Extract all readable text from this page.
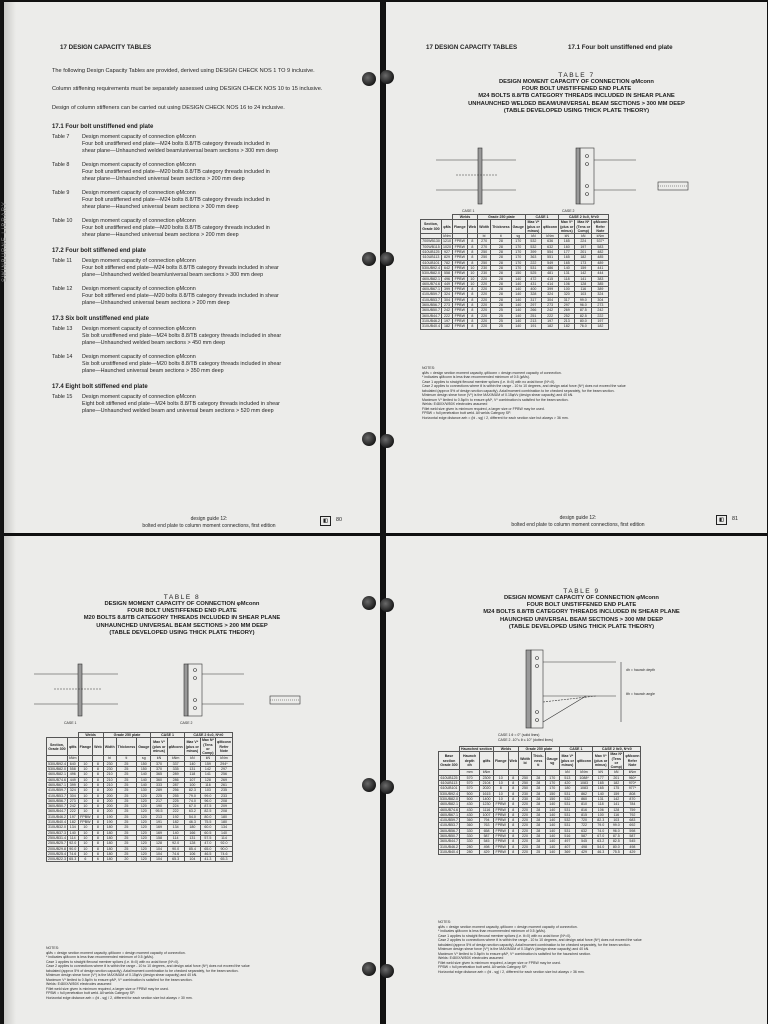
SWINBURNE LIBRARY
17 DESIGN CAPACITY TABLES
The following Design Capacity Tables are provided, derived using DESIGN CHECK NOS 1 TO 9 inclusive.
Column stiffening requirements must be separately assessed using DESIGN CHECK NOS 10 to 15 inclusive.
Design of column stiffeners can be carried out using DESIGN CHECK NOS 16 to 24 inclusive.
17.1 Four bolt unstiffened end plate
Table 7 Design moment capacity of connection φMconn
Four bolt unstiffened end plate—M24 bolts 8.8/TB category threads included in
shear plane—Unhaunched welded beam/universal beam sections > 300 mm deep
Table 8 Design moment capacity of connection φMconn
Four bolt unstiffened end plate—M20 bolts 8.8/TB category threads included in
shear plane—Unhaunched universal beam sections > 200 mm deep
Table 9 Design moment capacity of connection φMconn
Four bolt unstiffened end plate—M24 bolts 8.8/TB category threads included in
shear plane—Haunched universal beam sections > 300 mm deep
Table 10 Design moment capacity of connection φMconn
Four bolt unstiffened end plate—M20 bolts 8.8/TB category threads included in
shear plane—Haunched universal beam sections > 200 mm deep
17.2 Four bolt stiffened end plate
Table 11 Design moment capacity of connection φMconn
Four bolt stiffened end plate—M24 bolts 8.8/TB category threads included in shear
plane—Unhaunched welded beam/universal beam sections > 300 mm deep
Table 12 Design moment capacity of connection φMconn
Four bolt stiffened end plate—M20 bolts 8.8/TB category threads included in shear
plane—Unhaunched universal beam sections > 200 mm deep
17.3 Six bolt unstiffened end plate
Table 13 Design moment capacity of connection φMconn
Six bolt unstiffened end plate—M24 bolts 8.8/TB category threads included in shear
plane—Unhaunched welded beam sections > 450 mm deep
Table 14 Design moment capacity of connection φMconn
Six bolt unstiffened end plate—M20 bolts 8.8/TB category threads included in shear
plane—Haunched universal beam sections > 350 mm deep
17.4 Eight bolt stiffened end plate
Table 15 Design moment capacity of connection φMconn
Eight bolt stiffened end plate—M24 bolts 8.8/TB category threads included in shear
plane—Unhaunched welded beam and universal beam sections > 520 mm deep
design guide 12:
bolted end plate to column moment connections, first edition
◧	80
17 DESIGN CAPACITY TABLES	17.1 Four bolt unstiffened end plate
TABLE 7
DESIGN MOMENT CAPACITY OF CONNECTION φMconn
FOUR BOLT UNSTIFFENED END PLATE
M24 BOLTS 8.8/TB CATEGORY THREADS INCLUDED IN SHEAR PLANE
UNHAUNCHED WELDED BEAM/UNIVERSAL BEAM SECTIONS > 300 MM DEEP
(TABLE DEVELOPED USING THICK PLATE THEORY)
CASE 1	CASE 2
		Welds		Grade 250 plate			CASE 1		CASE 2 θ=0, N*≠0		
Section,
Grade 300	φMs	Flange	Web	Width	Thickness	Gauge	Max V*
(plus or
minus)	φMconn	Max V*
(plus or
minus)	Max N*
(Tens or
Comp)	φMconn
Refer
Note
	kNm			bi	ti	sg	kN	kNm	kN	kN	kNm
700WB130	1210	FPBW	8	270	28	170	532	636	165	224	537*
700WB115	1020	FPBW	8	270	28	170	532	632	160	197	583
610UB125	927	FPBW	8	250	28	170	399	554	177	201	482
610UB113	829	FPBW	8	250	28	170	363	551	165	182	485
610UB101	782	FPBW	8	250	28	170	222	549	165	173	489
530UB92.4	642	FPBW	10	230	28	170	531	486	140	159	441
530UB82.0	558	FPBW	10	230	28	150	525	481	131	142	444
460UB82.1	496	FPBW	10	220	28	140	472	415	118	141	383
460UB74.6	449	FPBW	10	220	28	140	431	414	106	128	385
460UB67.1	399	FPBW	8	220	28	140	400	399	100	116	389
410UB59.7	324	FPBW	8	220	28	140	328	324	320	103	324
410UB53.7	304	FPBW	8	220	28	140	317	304	317	99.0	304
360UB56.7	273	FPBW	8	220	28	140	297	273	297	96.0	273
360UB50.7	242	FPBW	8	220	25	140	266	242	269	87.5	242
360UB44.7	222	FPBW	8	220	25	140	251	222	252	82.5	222
310UB46.2	197	FPBW	8	220	25	140	213	197	213	80.0	197
310UB40.4	182	FPBW	8	220	25	140	191	182	182	76.0	182
NOTES:
φMs = design section moment capacity, φMconn = design moment capacity of connection.
* indicates φMconn is less than recommended minimum of 0.5 (φMs).
Case 1 applies to straight flexural member splices (i.e. θ=0) with no axial force (N*=0).
Case 2 applies to connections where θ is within the range - 10 to 10 degrees, and design axial force (N*) does not exceed the value
tabulated (approx 5% of design section capacity). Axial/moment combination to be checked separately, for the beam section.
Minimum design shear force (V*) is the MAXIMUM of 0.15φVv (design shear capacity) and 40 kN.
Maximum V* limited to 0.5φVv to ensure φM*, V* combination is satisfied for the beam section.
Welds: E48XX/W50X electrodes assumed
Fillet weld size given is minimum required, a larger size or FPBW may be used.
FPBW = full penetration butt weld. All welds Category SP.
Horizontal edge distance aeh = (bi - sg) / 2, different for each section size but always > 36 mm.
design guide 12:
bolted end plate to column moment connections, first edition
◧	81
TABLE 8
DESIGN MOMENT CAPACITY OF CONNECTION φMconn
FOUR BOLT UNSTIFFENED END PLATE
M20 BOLTS 8.8/TB CATEGORY THREADS INCLUDED IN SHEAR PLANE
UNHAUNCHED UNIVERSAL BEAM SECTIONS > 200 MM DEEP
(TABLE DEVELOPED USING THICK PLATE THEORY)
CASE 1	CASE 2
		Welds		Grade 250 plate			CASE 1		CASE 2 θ=0, N*≠0		
Section,
Grade 300	φMs	Flange	Web	Width	Thickness	Gauge	Max V*
(plus or
minus)	φMconn	Max V*
(plus or
minus)	Max N*
(Tens
or
Comp)	φMconn
Refer
Note
	kNm			bi	ti	sg	kN	kNm	kN	kN	kNm
530UB92.4	640	10	8	230	25	150	370	337	140	159	294*
530UB82.0	558	10	8	230	25	150	370	335	131	142	297
460UB82.1	496	10	8	210	25	140	365	289	118	141	256
460UB74.6	449	10	8	210	25	140	360	286	107	128	269
460UB67.1	399	10	8	210	25	140	333	287	100	116	261
410UB59.7	324	10	8	200	25	130	289	256	82.3	103	235
410UB53.7	304	10	8	200	25	120	225	255	79.0	99.0	233
360UB56.7	273	10	8	200	25	120	217	225	74.0	96.0	208
360UB50.7	242	10	8	200	25	120	190	224	67.0	87.5	209
360UB44.7	222	10	8	200	25	120	95.5	222	63.2	82.5	208
310UB46.2	197	FPBW	8	190	25	120	213	192	54.0	80.0	180
310UB40.4	182	FPBW	8	190	25	120	191	182	46.3	75.5	180
310UB32.0	134	10	8	180	25	120	169	134	180	60.0	134
250UB37.3	140	10	8	180	25	120	169	140	166	60.5	140
250UB31.4	114	10	8	180	25	120	158	114	131	57.5	114
250UB25.7	92.0	10	8	180	25	120	128	92.0	128	47.0	92.0
200UB29.8	90.0	10	8	180	25	120	104	90.0	85.4	65.0	90.0
200UB25.4	74.6	10	8	180	25	120	104	74.6	106	46.5	74.6
200UB22.3	65.3	6	6	180	20	120	104	65.3	104	41.3	65.3
NOTES:
φMs = design section moment capacity, φMconn = design moment capacity of connection.
* indicates φMconn is less than recommended minimum of 0.5 (φMs).
Case 1 applies to straight flexural member splices (i.e. θ=0) with no axial force (N*=0).
Case 2 applies to connections where θ is within the range - 10 to 10 degrees, and design axial force (N*) does not exceed the value
tabulated (approx 5% of design section capacity). Axial/moment combination to be checked separately, for the beam section.
Minimum design shear force (V*) is the MAXIMUM of 0.15φVv (design shear capacity) and 40 kN.
Maximum V* limited to 0.5φVv to ensure φM*, V* combination is satisfied for the beam section.
Welds: E48XX/W50X electrodes assumed
Fillet weld size given is minimum required, a larger size or FPBW may be used.
FPBW = full penetration butt weld. All welds Category SP.
Horizontal edge distance aeh = (bi - sg) / 2, different for each section size but always > 30 mm.
TABLE 9
DESIGN MOMENT CAPACITY OF CONNECTION φMconn
FOUR BOLT UNSTIFFENED END PLATE
M24 BOLTS 8.8/TB CATEGORY THREADS INCLUDED IN SHEAR PLANE
HAUNCHED UNIVERSAL BEAM SECTIONS > 300 MM DEEP
(TABLE DEVELOPED USING THICK PLATE THEORY)
dh = haunch depth
θh = haunch angle
CASE 1 θ = 0° (solid lines)
CASE 2 -10°≤ θ ≤ 10° (dotted lines)
	Haunched section		Welds		Grade 250 plate			CASE 1		CASE 2 θ≠0, N*≠0		
Base
section
Grade 300	Haunch
depth
dh	φMs	Flange	Web	Width
bi	Thick-
ness
ti	Gauge
sg	Max V*
(plus or
minus)	φMconn	Max V*
(plus or
minus)	Max N*
(Tens
or
Comp)	φMconn
Refer
Note
	mm	kNm						kN	kNm	kN	kN	kNm
610UB125	570	2309	10	8	250	28	170	513	1088*	177	201	960*
610UB113	570	2104	10	8	250	28	170	420	1083	165	182	970*
610UB101	570	2020	8	8	250	28	170	180	1083	165	175	977*
530UB92.4	500	1615	10	8	230	28	150	531	862	140	159	808
530UB82.0	500	1400	10	8	230	28	150	532	860	131	142	870
460UB82.1	430	1230	FPBW	8	220	28	140	531	810	118	141	784
460UB74.6	430	1116	FPBW	8	220	28	140	531	816	106	128	759
460UB67.1	430	1007	FPBW	8	220	28	140	531	815	100	116	792
410UB59.7	360	794	FPBW	8	220	28	140	532	720	82.3	103	683
410UB53.7	360	763	FPBW	8	220	28	140	531	722	79.0	99.0	692
360UB56.7	330	658	FPBW	8	220	28	140	531	632	74.0	96.0	598
360UB50.7	330	587	FPBW	8	220	28	140	516	587	67.0	87.5	587
360UB44.7	330	545	FPBW	8	220	28	140	497	545	63.2	82.5	545
310UB46.2	280	498	FPBW	8	220	28	140	407	498	54.0	80.0	498
310UB40.4	280	429	FPBW	8	220	25	140	369	429	46.3	75.5	429
NOTES:
φMs = design section moment capacity, φMconn = design moment capacity of connection.
* indicates φMconn is less than recommended minimum of 0.5 (φMs).
Case 1 applies to straight flexural member splices (i.e. θ=0) with no axial force (N*=0).
Case 2 applies to connections where θ is within the range - 10 to 10 degrees, and design axial force (N*) does not exceed the value
tabulated (approx 5% of design section capacity). Axial/moment combination to be checked separately, for the beam section.
Minimum design shear force (V*) is the MAXIMUM of 0.15φVv (design shear capacity) and 40 kN.
Maximum V* limited to 0.5φVv to ensure φM*, V* combination is satisfied for the haunched section.
Welds: E48XX/W50X electrodes assumed
Fillet weld size given is minimum required, a larger size or FPBW may be used.
FPBW = full penetration butt weld. All welds Category SP.
Horizontal edge distance aeh = (bi - sg) / 2, different for each section size but always > 36 mm.
